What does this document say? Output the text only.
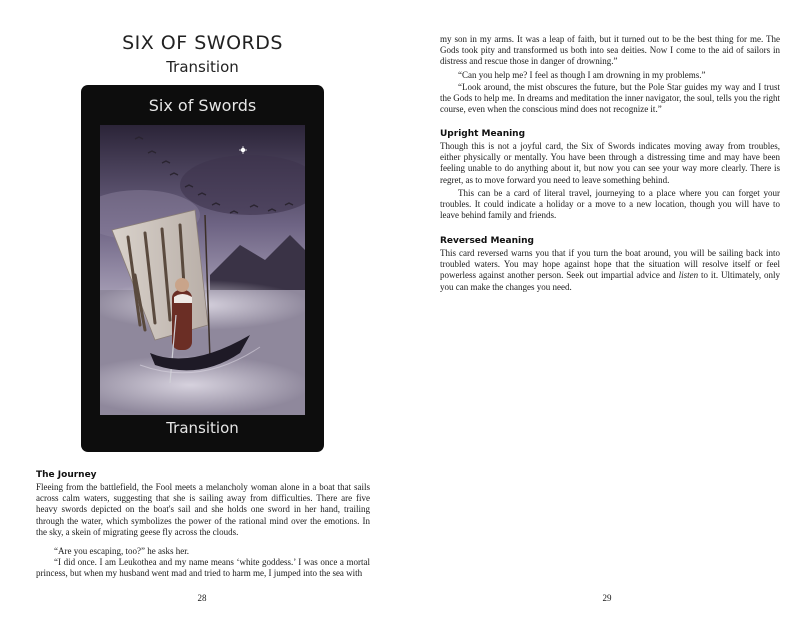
SIX OF SWORDS
Transition
Six of Swords
Transition
The Journey

Fleeing from the battlefield, the Fool meets a melancholy woman alone in a boat that sails across calm waters, suggesting that she is sailing away from difficulties. There are five heavy swords depicted on the boat's sail and she holds one sword in her hand, trailing through the water, which symbolizes the power of the rational mind over the emotions. In the sky, a skein of migrating geese fly across the clouds.

“Are you escaping, too?” he asks her.

“I did once. I am Leukothea and my name means ‘white goddess.’ I was once a mortal princess, but when my husband went mad and tried to harm me, I jumped into the sea with

28

my son in my arms. It was a leap of faith, but it turned out to be the best thing for me. The Gods took pity and transformed us both into sea deities. Now I come to the aid of sailors in distress and rescue those in danger of drowning.”

“Can you help me? I feel as though I am drowning in my problems.”

“Look around, the mist obscures the future, but the Pole Star guides my way and I trust the Gods to help me. In dreams and meditation the inner navigator, the soul, tells you the right course, even when the conscious mind does not recognize it.”

Upright Meaning

Though this is not a joyful card, the Six of Swords indicates moving away from troubles, either physically or mentally. You have been through a distressing time and may have been feeling unable to do anything about it, but now you can see your way more clearly. There is regret, as to move forward you need to leave something behind.

This can be a card of literal travel, journeying to a place where you can forget your troubles. It could indicate a holiday or a move to a new location, though you will have to leave behind family and friends.

Reversed Meaning

This card reversed warns you that if you turn the boat around, you will be sailing back into troubled waters. You may hope against hope that the situation will resolve itself or feel powerless against another person. Seek out impartial advice and listen to it. Ultimately, only you can make the changes you need.

29
